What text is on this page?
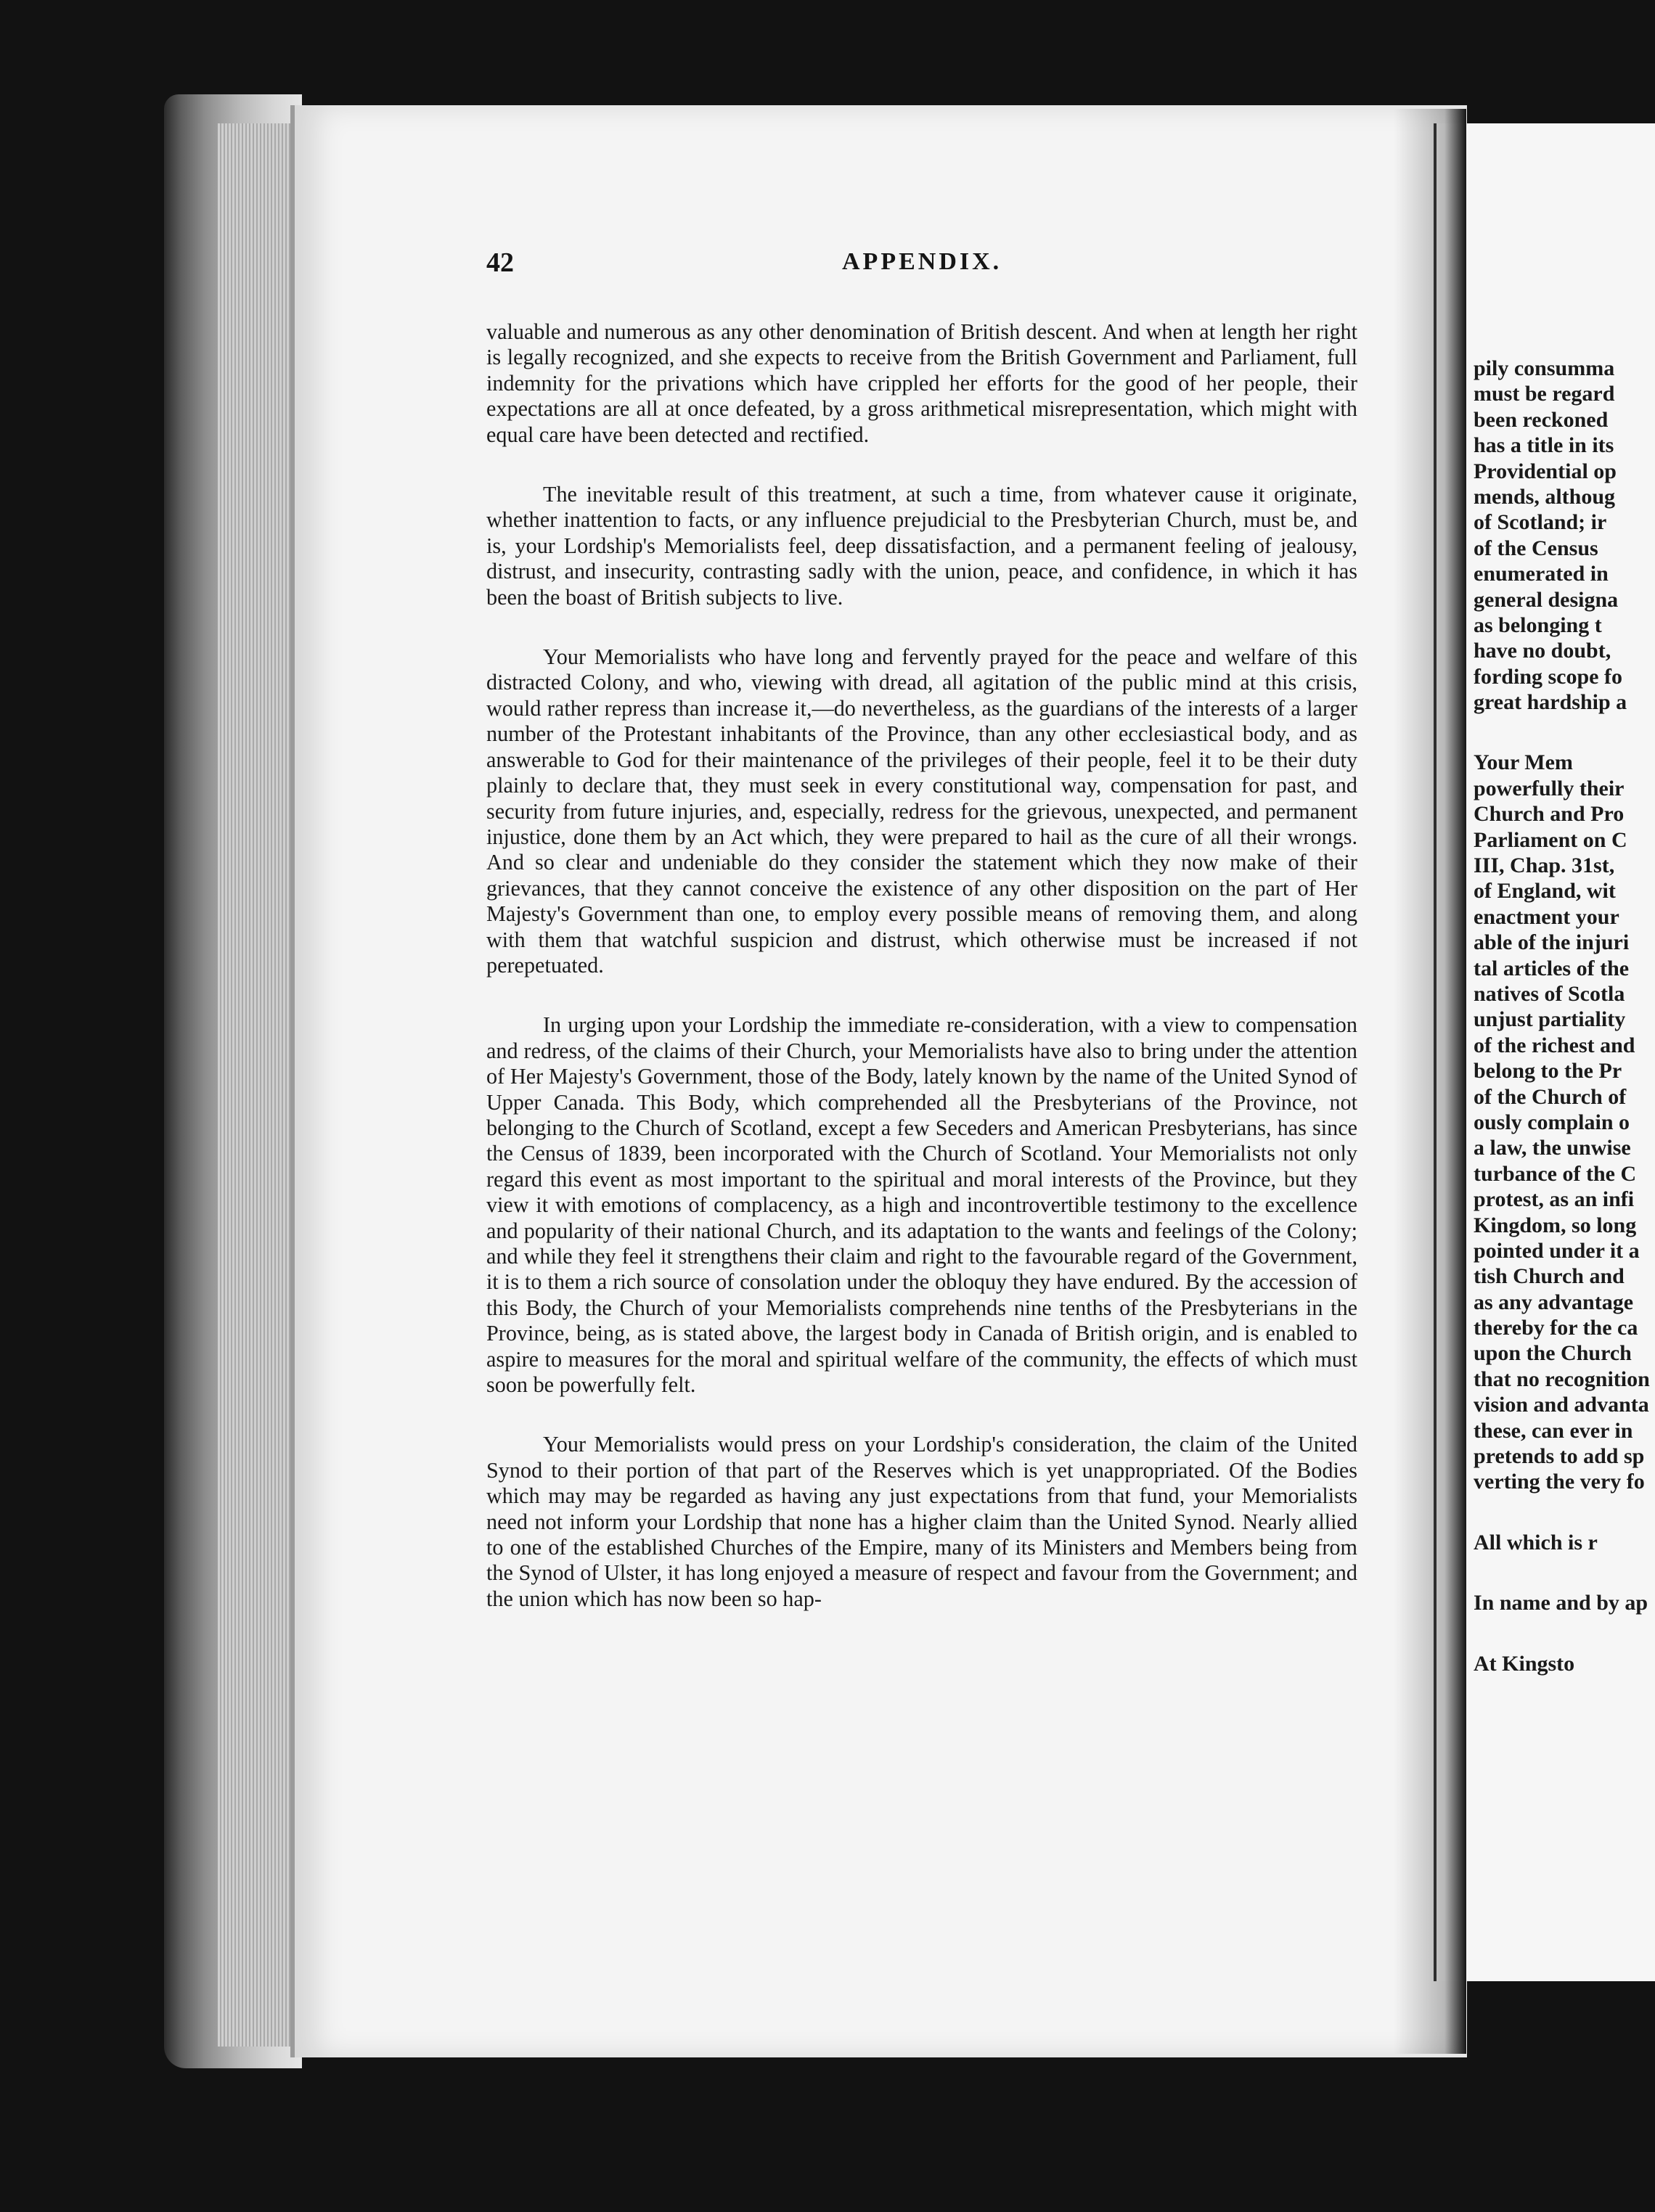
42	APPENDIX.

valuable and numerous as any other denomination of British descent. And when at length her right is legally recognized, and she expects to receive from the British Government and Parliament, full indemnity for the privations which have crippled her efforts for the good of her people, their expectations are all at once defeated, by a gross arithmetical misrepresentation, which might with equal care have been detected and rectified.

The inevitable result of this treatment, at such a time, from whatever cause it originate, whether inattention to facts, or any influence prejudicial to the Presbyterian Church, must be, and is, your Lordship's Memorialists feel, deep dissatisfaction, and a permanent feeling of jealousy, distrust, and insecurity, contrasting sadly with the union, peace, and confidence, in which it has been the boast of British subjects to live.

Your Memorialists who have long and fervently prayed for the peace and welfare of this distracted Colony, and who, viewing with dread, all agitation of the public mind at this crisis, would rather repress than increase it,—do nevertheless, as the guardians of the interests of a larger number of the Protestant inhabitants of the Province, than any other ecclesiastical body, and as answerable to God for their maintenance of the privileges of their people, feel it to be their duty plainly to declare that, they must seek in every constitutional way, compensation for past, and security from future injuries, and, especially, redress for the grievous, unexpected, and permanent injustice, done them by an Act which, they were prepared to hail as the cure of all their wrongs. And so clear and undeniable do they consider the statement which they now make of their grievances, that they cannot conceive the existence of any other disposition on the part of Her Majesty's Government than one, to employ every possible means of removing them, and along with them that watchful suspicion and distrust, which otherwise must be increased if not perepetuated.

In urging upon your Lordship the immediate re-consideration, with a view to compensation and redress, of the claims of their Church, your Memorialists have also to bring under the attention of Her Majesty's Government, those of the Body, lately known by the name of the United Synod of Upper Canada. This Body, which comprehended all the Presbyterians of the Province, not belonging to the Church of Scotland, except a few Seceders and American Presbyterians, has since the Census of 1839, been incorporated with the Church of Scotland. Your Memorialists not only regard this event as most important to the spiritual and moral interests of the Province, but they view it with emotions of complacency, as a high and incontrovertible testimony to the excellence and popularity of their national Church, and its adaptation to the wants and feelings of the Colony; and while they feel it strengthens their claim and right to the favourable regard of the Government, it is to them a rich source of consolation under the obloquy they have endured. By the accession of this Body, the Church of your Memorialists comprehends nine tenths of the Presbyterians in the Province, being, as is stated above, the largest body in Canada of British origin, and is enabled to aspire to measures for the moral and spiritual welfare of the community, the effects of which must soon be powerfully felt.

Your Memorialists would press on your Lordship's consideration, the claim of the United Synod to their portion of that part of the Reserves which is yet unappropriated. Of the Bodies which may may be regarded as having any just expectations from that fund, your Memorialists need not inform your Lordship that none has a higher claim than the United Synod. Nearly allied to one of the established Churches of the Empire, many of its Ministers and Members being from the Synod of Ulster, it has long enjoyed a measure of respect and favour from the Government; and the union which has now been so hap-

pily consumma
must be regard
been reckoned
has a title in its
Providential op
mends, althoug
of Scotland; ir
of the Census
enumerated in
general designa
as belonging t
have no doubt,
fording scope fo
great hardship a
Your Mem
powerfully their
Church and Pro
Parliament on C
III, Chap. 31st,
of England, wit
enactment your
able of the injuri
tal articles of the
natives of Scotla
unjust partiality
of the richest and
belong to the Pr
of the Church of
ously complain o
a law, the unwise
turbance of the C
protest, as an infi
Kingdom, so long
pointed under it a
tish Church and
as any advantage
thereby for the ca
upon the Church
that no recognition
vision and advanta
these, can ever in
pretends to add sp
verting the very fo
All which is r
In name and by ap
At Kingsto
